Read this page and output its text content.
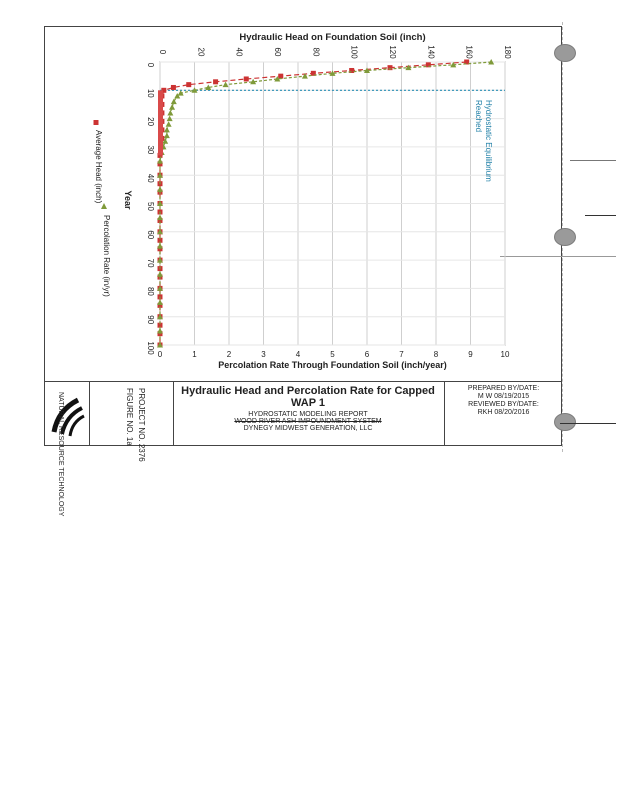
0	1	2	3	4	5	6	7	8	9	10
0	20	40	60	80	100	120	140	160	180
0
10
20
30
40
50
60
70
80
90
100
Hydraulic Head on Foundation Soil (inch)
Percolation Rate Through Foundation Soil (inch/year)
Year
Average Head (inch)
Percolation Rate (in/yr)
Hydrostatic Equilibrium
Reached
NATURAL RESOURCE TECHNOLOGY
PROJECT NO. 2376
FIGURE NO. 1a	Hydraulic Head and Percolation Rate for Capped WAP 1
HYDROSTATIC MODELING REPORT
WOOD RIVER ASH IMPOUNDMENT SYSTEM
DYNEGY MIDWEST GENERATION, LLC
PREPARED BY/DATE:
M W 08/19/2015
REVIEWED BY/DATE:
RKH 08/20/2016
